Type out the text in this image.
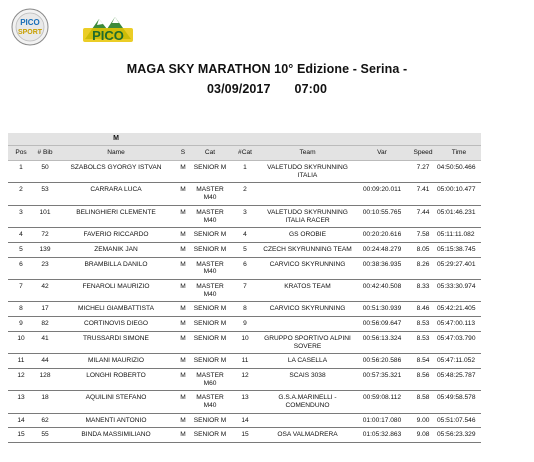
PICO
SPORT	PICO
MAGA SKY MARATHON 10° Edizione - Serina -
03/09/2017 07:00
		M							
Pos	# Bib	Name	S	Cat	#Cat	Team	Var	Speed	Time
1	50	SZABOLCS GYORGY ISTVAN	M	SENIOR M	1	VALETUDO SKYRUNNING ITALIA		7.27	04:50:50.466
2	53	CARRARA LUCA	M	MASTER M40	2		00:09:20.011	7.41	05:00:10.477
3	101	BELINGHIERI CLEMENTE	M	MASTER M40	3	VALETUDO SKYRUNNING ITALIA RACER	00:10:55.765	7.44	05:01:46.231
4	72	FAVERIO RICCARDO	M	SENIOR M	4	GS OROBIE	00:20:20.616	7.58	05:11:11.082
5	139	ZEMANIK JAN	M	SENIOR M	5	CZECH SKYRUNNING TEAM	00:24:48.279	8.05	05:15:38.745
6	23	BRAMBILLA DANILO	M	MASTER M40	6	CARVICO SKYRUNNING	00:38:36.935	8.26	05:29:27.401
7	42	FENAROLI MAURIZIO	M	MASTER M40	7	KRATOS TEAM	00:42:40.508	8.33	05:33:30.974
8	17	MICHELI GIAMBATTISTA	M	SENIOR M	8	CARVICO SKYRUNNING	00:51:30.939	8.46	05:42:21.405
9	82	CORTINOVIS DIEGO	M	SENIOR M	9		00:56:09.647	8.53	05:47:00.113
10	41	TRUSSARDI SIMONE	M	SENIOR M	10	GRUPPO SPORTIVO ALPINI SOVERE	00:56:13.324	8.53	05:47:03.790
11	44	MILANI MAURIZIO	M	SENIOR M	11	LA CASELLA	00:56:20.586	8.54	05:47:11.052
12	128	LONGHI ROBERTO	M	MASTER M60	12	SCAIS 3038	00:57:35.321	8.56	05:48:25.787
13	18	AQUILINI STEFANO	M	MASTER M40	13	G.S.A.MARINELLI - COMENDUNO	00:59:08.112	8.58	05:49:58.578
14	62	MANENTI ANTONIO	M	SENIOR M	14		01:00:17.080	9.00	05:51:07.546
15	55	BINDA MASSIMILIANO	M	SENIOR M	15	OSA VALMADRERA	01:05:32.863	9.08	05:56:23.329
